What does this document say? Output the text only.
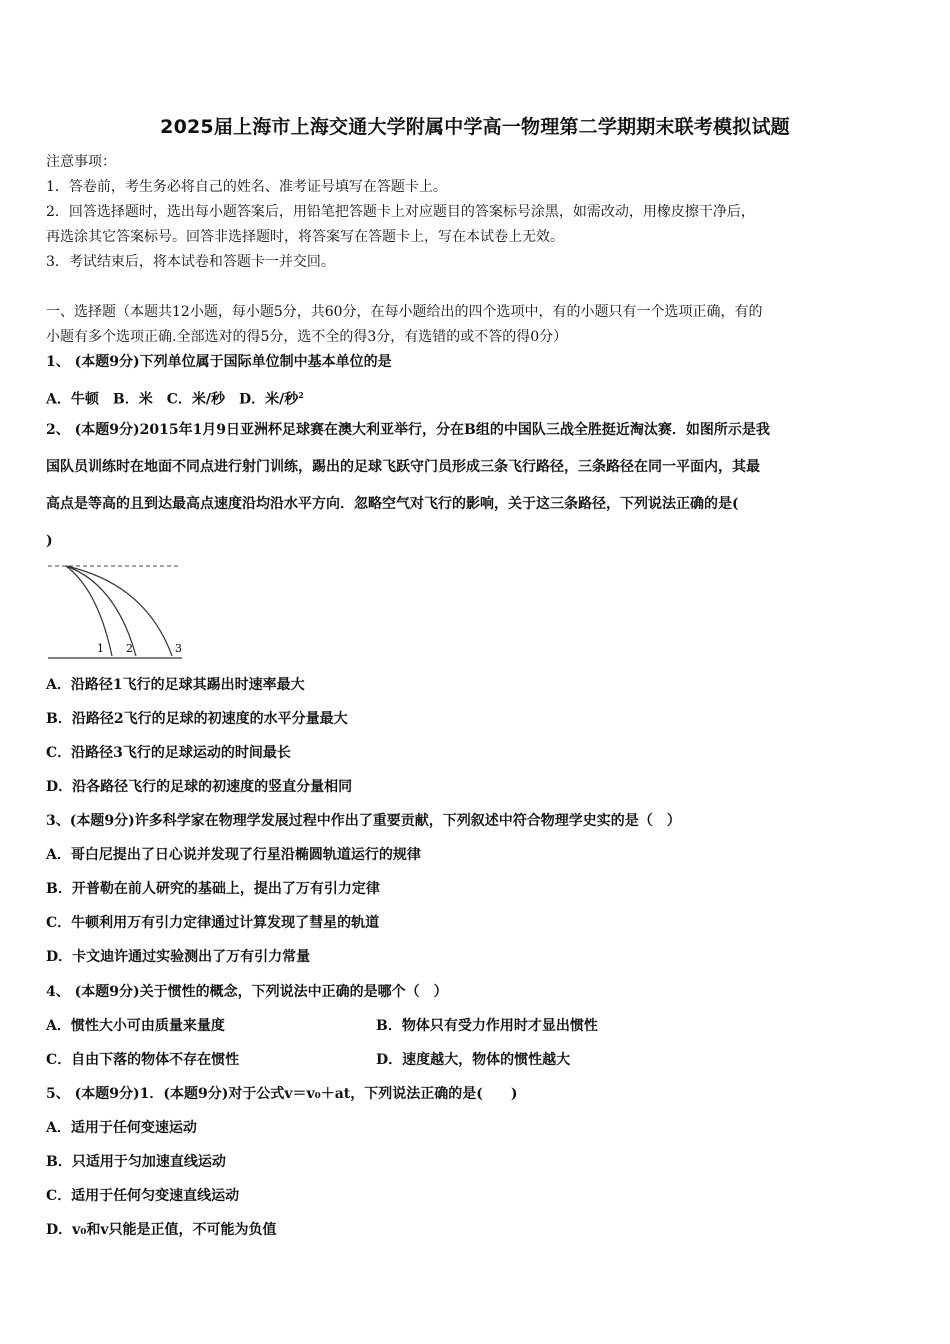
2025届上海市上海交通大学附属中学高一物理第二学期期末联考模拟试题
注意事项：
1．答卷前，考生务必将自己的姓名、准考证号填写在答题卡上。
2．回答选择题时，选出每小题答案后，用铅笔把答题卡上对应题目的答案标号涂黑，如需改动，用橡皮擦干净后，
再选涂其它答案标号。回答非选择题时，将答案写在答题卡上，写在本试卷上无效。
3．考试结束后，将本试卷和答题卡一并交回。
一、选择题（本题共12小题，每小题5分，共60分，在每小题给出的四个选项中，有的小题只有一个选项正确，有的
小题有多个选项正确.全部选对的得5分，选不全的得3分，有选错的或不答的得0分）
1、 (本题9分)下列单位属于国际单位制中基本单位的是
A．牛顿　B．米　C．米/秒　D．米/秒$^2$
2、 (本题9分)2015年1月9日亚洲杯足球赛在澳大利亚举行，分在B组的中国队三战全胜挺近淘汰赛．如图所示是我
国队员训练时在地面不同点进行射门训练，踢出的足球飞跃守门员形成三条飞行路径，三条路径在同一平面内，其最
高点是等高的且到达最高点速度沿均沿水平方向．忽略空气对飞行的影响，关于这三条路径，下列说法正确的是(
)
1 2	3
A．沿路径1飞行的足球其踢出时速率最大
B．沿路径2飞行的足球的初速度的水平分量最大
C．沿路径3飞行的足球运动的时间最长
D．沿各路径飞行的足球的初速度的竖直分量相同
3、(本题9分)许多科学家在物理学发展过程中作出了重要贡献，下列叙述中符合物理学史实的是（　）
A．哥白尼提出了日心说并发现了行星沿椭圆轨道运行的规律
B．开普勒在前人研究的基础上，提出了万有引力定律
C．牛顿利用万有引力定律通过计算发现了彗星的轨道
D．卡文迪许通过实验测出了万有引力常量
4、 (本题9分)关于惯性的概念，下列说法中正确的是哪个（　）
A．惯性大小可由质量来量度	B．物体只有受力作用时才显出惯性
C．自由下落的物体不存在惯性	D．速度越大，物体的惯性越大
5、 (本题9分)1．(本题9分)对于公式v＝v₀＋at，下列说法正确的是(　　)
A．适用于任何变速运动
B．只适用于匀加速直线运动
C．适用于任何匀变速直线运动
D．v₀和v只能是正值，不可能为负值
